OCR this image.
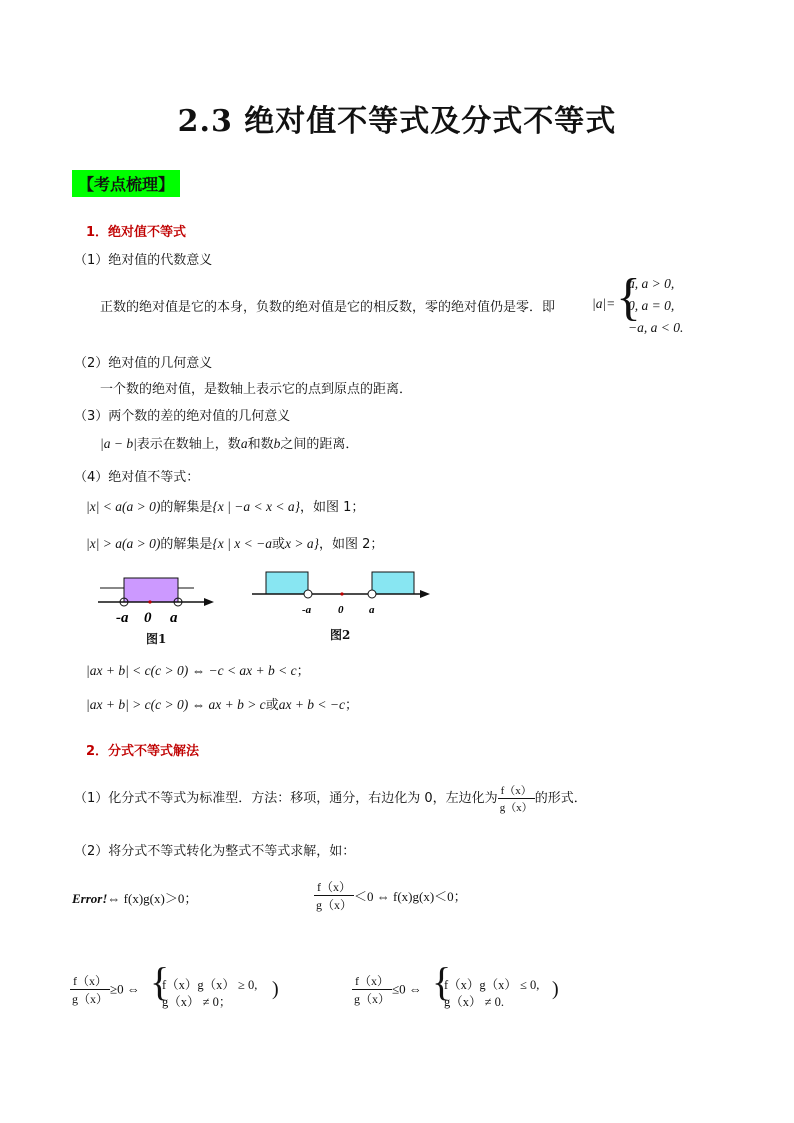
2.3 绝对值不等式及分式不等式
【考点梳理】
1．绝对值不等式
（1）绝对值的代数意义
正数的绝对值是它的本身，负数的绝对值是它的相反数，零的绝对值仍是零．即	|a|= {
a, a > 0,
0, a = 0,
−a, a < 0.
（2）绝对值的几何意义
一个数的绝对值，是数轴上表示它的点到原点的距离．
（3）两个数的差的绝对值的几何意义
|a − b|表示在数轴上，数a和数b之间的距离．
（4）绝对值不等式：
|x| < a(a > 0)的解集是{x | −a < x < a}，如图 1；
|x| > a(a > 0)的解集是{x | x < −a或x > a}，如图 2；
-a 0 a
图1
-a 0 a
图2
|ax + b| < c(c > 0) ⇔ −c < ax + b < c；
|ax + b| > c(c > 0) ⇔ ax + b > c或ax + b < −c；
2．分式不等式解法
（1）化分式不等式为标准型．方法：移项，通分，右边化为 0，左边化为 $\frac{f(x)}{g(x)}$ 的形式．
（2）将分式不等式转化为整式不等式求解，如：
Error!⇔ f(x)g(x)＞0；	$\frac{f(x)}{g(x)} <0$ ⇔ f(x)g(x)＜0；
$\frac{f(x)}{g(x)} \ge 0$ ⇔ {
f（x）g（x） ≥ 0,
g（x） ≠ 0；
)	$\frac{f(x)}{g(x)} \le 0$ ⇔ {
f（x）g（x） ≤ 0,
g（x） ≠ 0.
)
